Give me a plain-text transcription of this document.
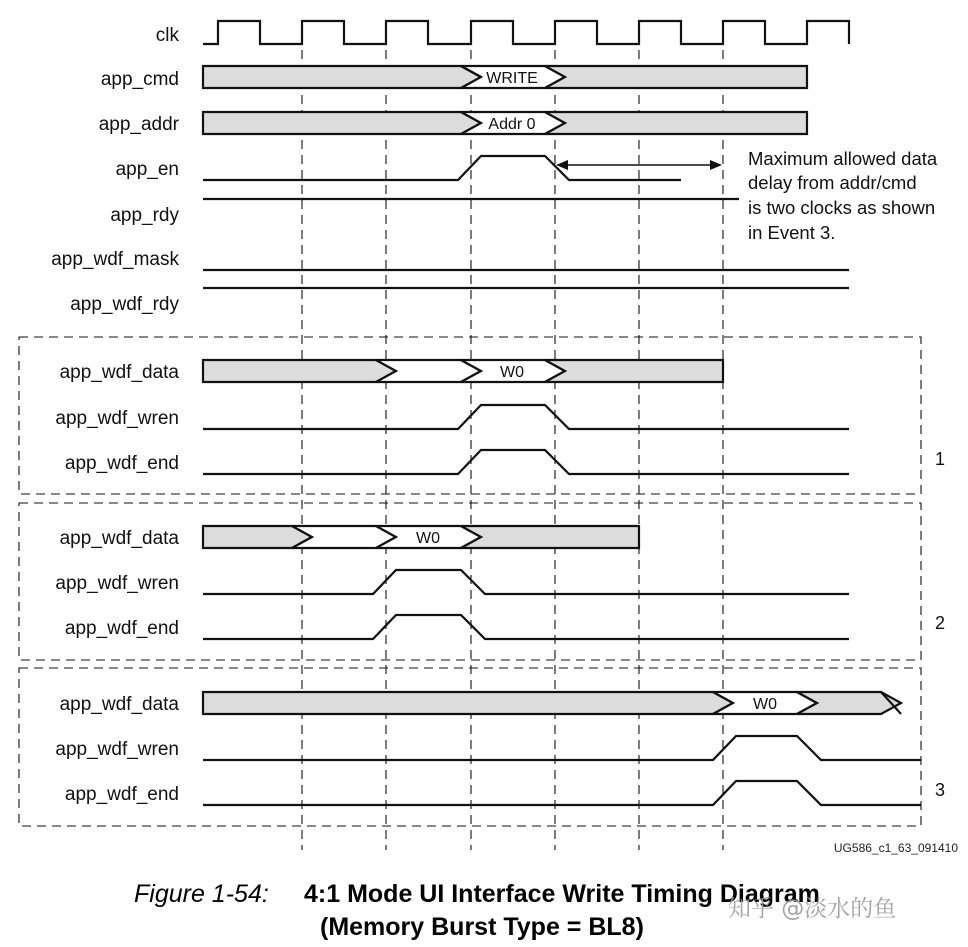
clk
app_cmd
app_addr
app_en
app_rdy
app_wdf_mask
app_wdf_rdy
app_wdf_data
app_wdf_wren
app_wdf_end
app_wdf_data
app_wdf_wren
app_wdf_end
app_wdf_data
app_wdf_wren
app_wdf_end
WRITE
Addr 0
Maximum allowed data
delay from addr/cmd
is two clocks as shown
in Event 3.
W0
1
W0
2
W0
3
UG586_c1_63_091410
Figure 1-54: 4:1 Mode UI Interface Write Timing Diagram
(Memory Burst Type = BL8)
知乎 @淡水的鱼
